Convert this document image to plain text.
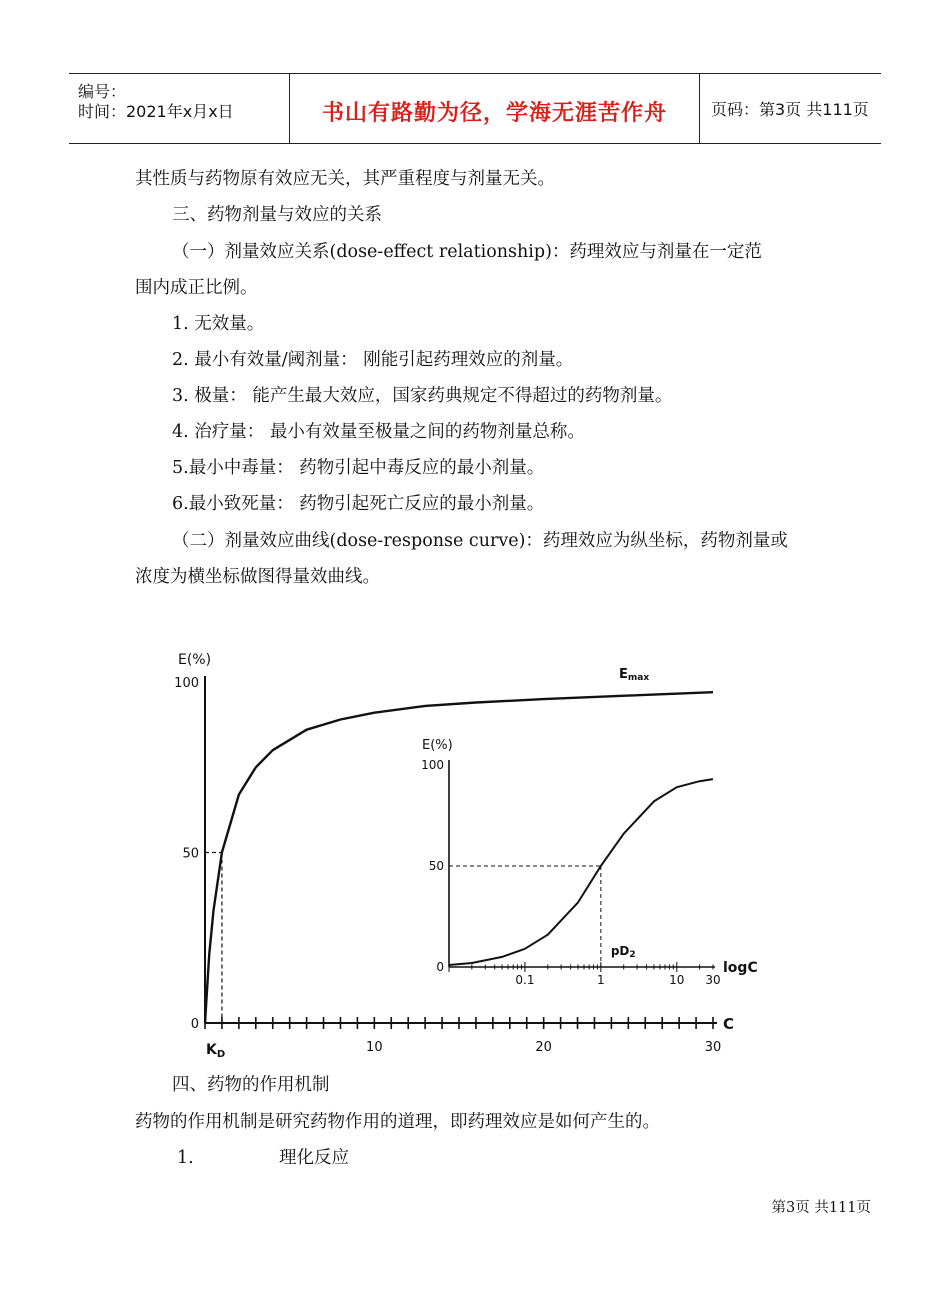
编号：
时间：2021年x月x日	书山有路勤为径，学海无涯苦作舟	页码：第3页 共111页
其性质与药物原有效应无关，其严重程度与剂量无关。
三、药物剂量与效应的关系
（一）剂量效应关系(dose-effect relationship)：药理效应与剂量在一定范
围内成正比例。
1. 无效量。
2. 最小有效量/阈剂量： 刚能引起药理效应的剂量。
3. 极量： 能产生最大效应，国家药典规定不得超过的药物剂量。
4. 治疗量： 最小有效量至极量之间的药物剂量总称。
5.最小中毒量： 药物引起中毒反应的最小剂量。
6.最小致死量： 药物引起死亡反应的最小剂量。
（二）剂量效应曲线(dose-response curve)：药理效应为纵坐标，药物剂量或
浓度为横坐标做图得量效曲线。
10	20	30
0
50
100
E(%)
C
Emax
$K_D$
0.1	1	10 30
0
50
100
E(%)
logC
pD2
四、药物的作用机制
药物的作用机制是研究药物作用的道理，即药理效应是如何产生的。
1.	理化反应
第3页 共111页
